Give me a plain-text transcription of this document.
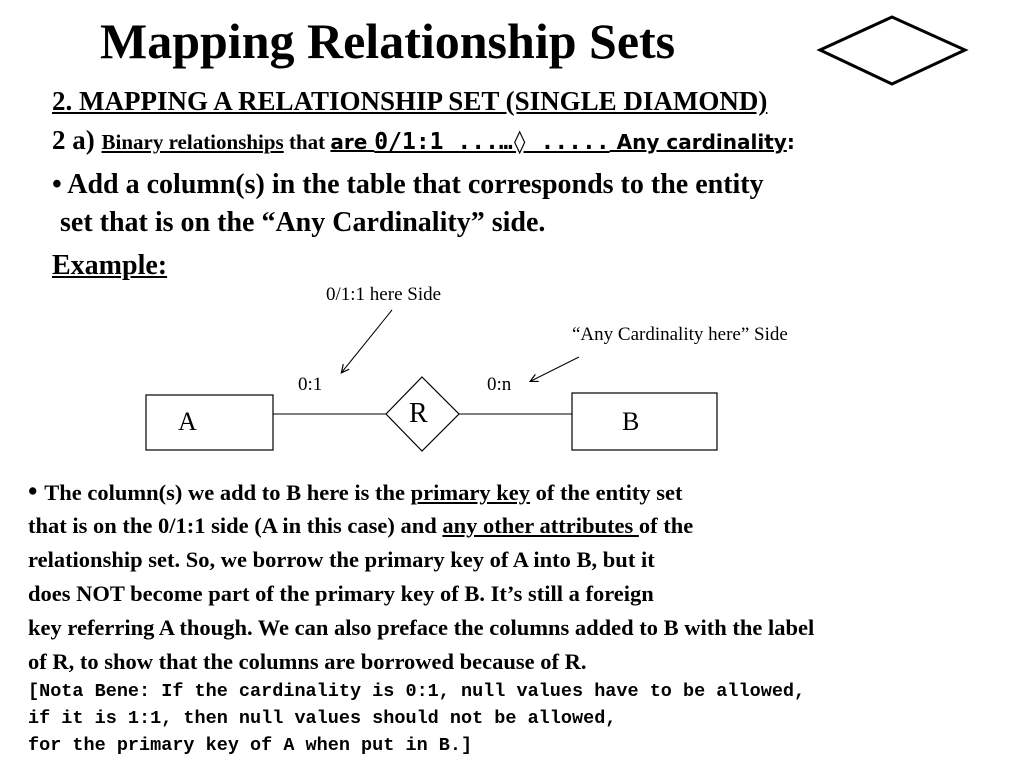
Mapping Relationship Sets
2. MAPPING A RELATIONSHIP SET (SINGLE DIAMOND)
2 a) Binary relationships that are 0/1:1 ...…◊ ..... Any cardinality:
• Add a column(s) in the table that corresponds to the entity
set that is on the “Any Cardinality” side.
Example:
0/1:1 here Side
“Any Cardinality here” Side
0:1	0:n
A	B
R
• The column(s) we add to B here is the primary key of the entity set
that is on the 0/1:1 side (A in this case) and any other attributes of the
relationship set. So, we borrow the primary key of A into B, but it
does NOT become part of the primary key of B. It’s still a foreign
key referring A though. We can also preface the columns added to B with the label
of R, to show that the columns are borrowed because of R.
[Nota Bene: If the cardinality is 0:1, null values have to be allowed,
if it is 1:1, then null values should not be allowed,
for the primary key of A when put in B.]
